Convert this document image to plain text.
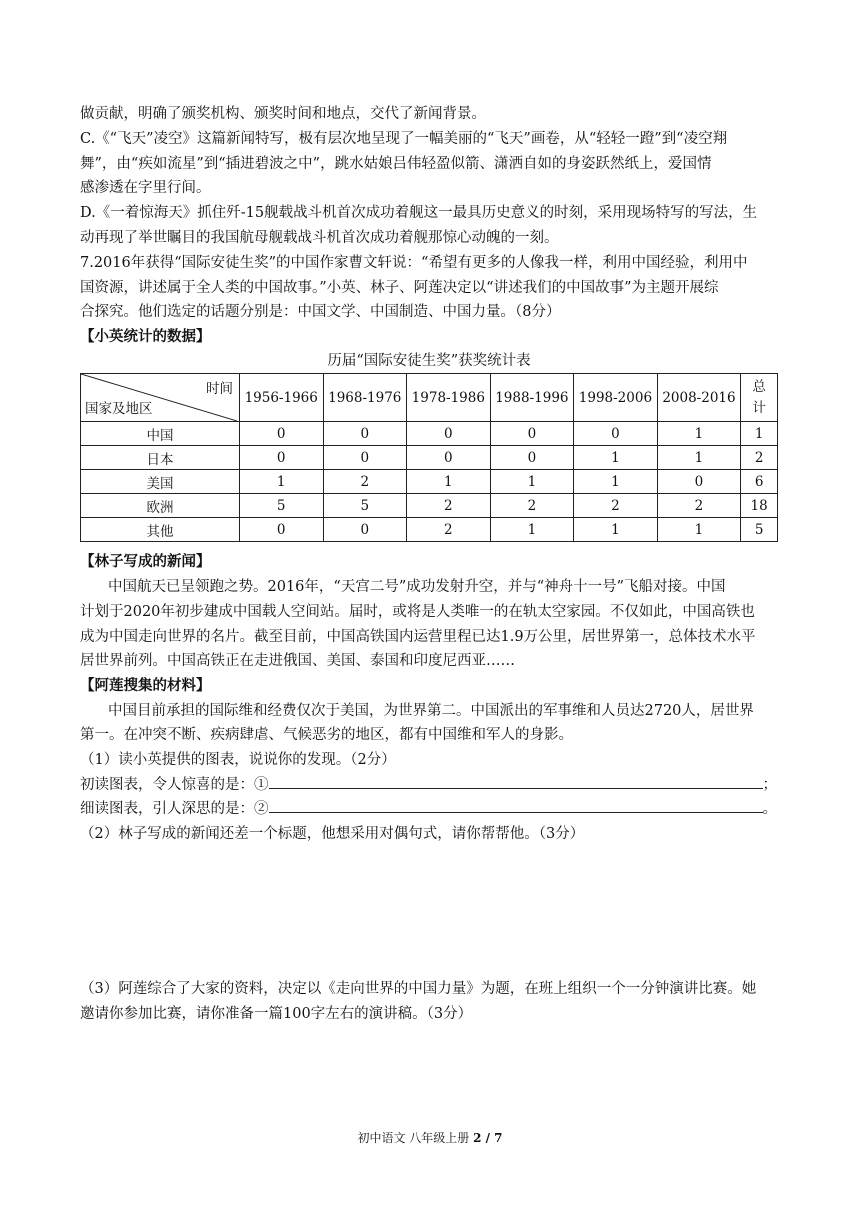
做贡献，明确了颁奖机构、颁奖时间和地点，交代了新闻背景。
C.《“飞天”凌空》这篇新闻特写，极有层次地呈现了一幅美丽的“飞天”画卷，从“轻轻一蹬”到“凌空翔
舞”，由“疾如流星”到“插进碧波之中”，跳水姑娘吕伟轻盈似箭、潇洒自如的身姿跃然纸上，爱国情
感渗透在字里行间。
D.《一着惊海天》抓住歼-15舰载战斗机首次成功着舰这一最具历史意义的时刻，采用现场特写的写法，生
动再现了举世瞩目的我国航母舰载战斗机首次成功着舰那惊心动魄的一刻。
7.2016年获得“国际安徒生奖”的中国作家曹文轩说：“希望有更多的人像我一样，利用中国经验，利用中
国资源，讲述属于全人类的中国故事。”小英、林子、阿莲决定以“讲述我们的中国故事”为主题开展综
合探究。他们选定的话题分别是：中国文学、中国制造、中国力量。（8分）
【小英统计的数据】
历届“国际安徒生奖”获奖统计表
时间
国家及地区	1956-1966	1968-1976	1978-1986	1988-1996	1998-2006	2008-2016	总
计
中国	0	0	0	0	0	1	1
日本	0	0	0	0	1	1	2
美国	1	2	1	1	1	0	6
欧洲	5	5	2	2	2	2	18
其他	0	0	2	1	1	1	5
【林子写成的新闻】
中国航天已呈领跑之势。2016年，“天宫二号”成功发射升空，并与“神舟十一号”飞船对接。中国
计划于2020年初步建成中国载人空间站。届时，或将是人类唯一的在轨太空家园。不仅如此，中国高铁也
成为中国走向世界的名片。截至目前，中国高铁国内运营里程已达1.9万公里，居世界第一，总体技术水平
居世界前列。中国高铁正在走进俄国、美国、泰国和印度尼西亚……
【阿莲搜集的材料】
中国目前承担的国际维和经费仅次于美国，为世界第二。中国派出的军事维和人员达2720人，居世界
第一。在冲突不断、疾病肆虐、气候恶劣的地区，都有中国维和军人的身影。
（1）读小英提供的图表，说说你的发现。（2分）
初读图表，令人惊喜的是：①	；
细读图表，引人深思的是：②	。
（2）林子写成的新闻还差一个标题，他想采用对偶句式，请你帮帮他。（3分）
（3）阿莲综合了大家的资料，决定以《走向世界的中国力量》为题，在班上组织一个一分钟演讲比赛。她
邀请你参加比赛，请你准备一篇100字左右的演讲稿。（3分）
初中语文 八年级上册 2 / 7
